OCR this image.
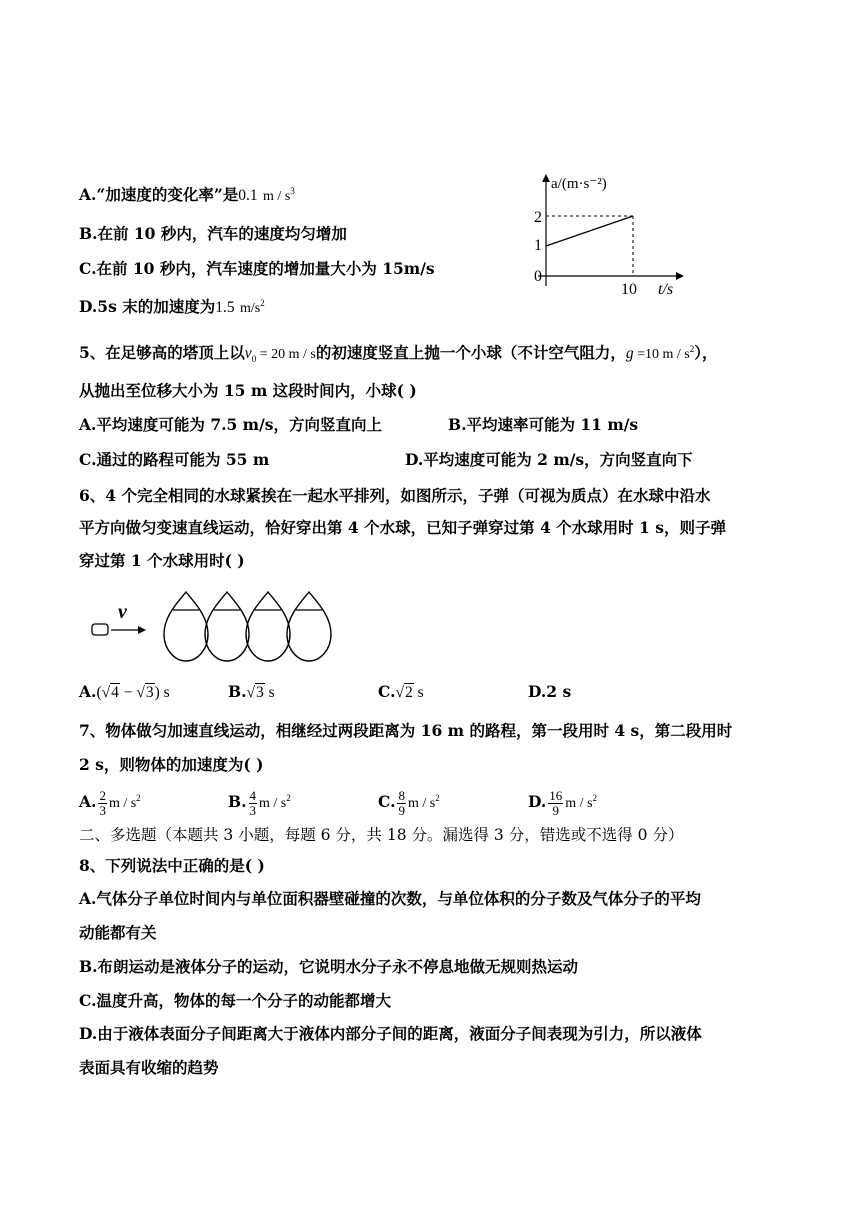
A.“加速度的变化率”是0.1 m / $s^3$
B.在前 10 秒内，汽车的速度均匀增加
C.在前 10 秒内，汽车速度的增加量大小为 15m/s
D.5s 末的加速度为1.5 $m/s^2$
a/(m·s⁻²)
2
1
0
10 t/s
5、在足够高的塔顶上以$v_0 = 20$ m / s的初速度竖直上抛一个小球（不计空气阻力，g =10 m / $s^2$），
从抛出至位移大小为 15 m 这段时间内，小球( )
A.平均速度可能为 7.5 m/s，方向竖直向上	B.平均速率可能为 11 m/s
C.通过的路程可能为 55 m	D.平均速度可能为 2 m/s，方向竖直向下
6、4 个完全相同的水球紧挨在一起水平排列，如图所示，子弹（可视为质点）在水球中沿水
平方向做匀变速直线运动，恰好穿出第 4 个水球，已知子弹穿过第 4 个水球用时 1 s，则子弹
穿过第 1 个水球用时( )
v
A.(√4 − √3) s	B.√3 s	C.√2 s	D.2 s
7、物体做匀加速直线运动，相继经过两段距离为 16 m 的路程，第一段用时 4 s，第二段用时
2 s，则物体的加速度为( )
A. $\frac{2}{3}$ m / $s^2$	B. $\frac{4}{3}$ m / $s^2$	C. $\frac{8}{9}$ m / $s^2$	D. $\frac{16}{9}$ m / $s^2$
二、多选题（本题共 3 小题，每题 6 分，共 18 分。漏选得 3 分，错选或不选得 0 分）
8、下列说法中正确的是( )
A.气体分子单位时间内与单位面积器壁碰撞的次数，与单位体积的分子数及气体分子的平均
动能都有关
B.布朗运动是液体分子的运动，它说明水分子永不停息地做无规则热运动
C.温度升高，物体的每一个分子的动能都增大
D.由于液体表面分子间距离大于液体内部分子间的距离，液面分子间表现为引力，所以液体
表面具有收缩的趋势
